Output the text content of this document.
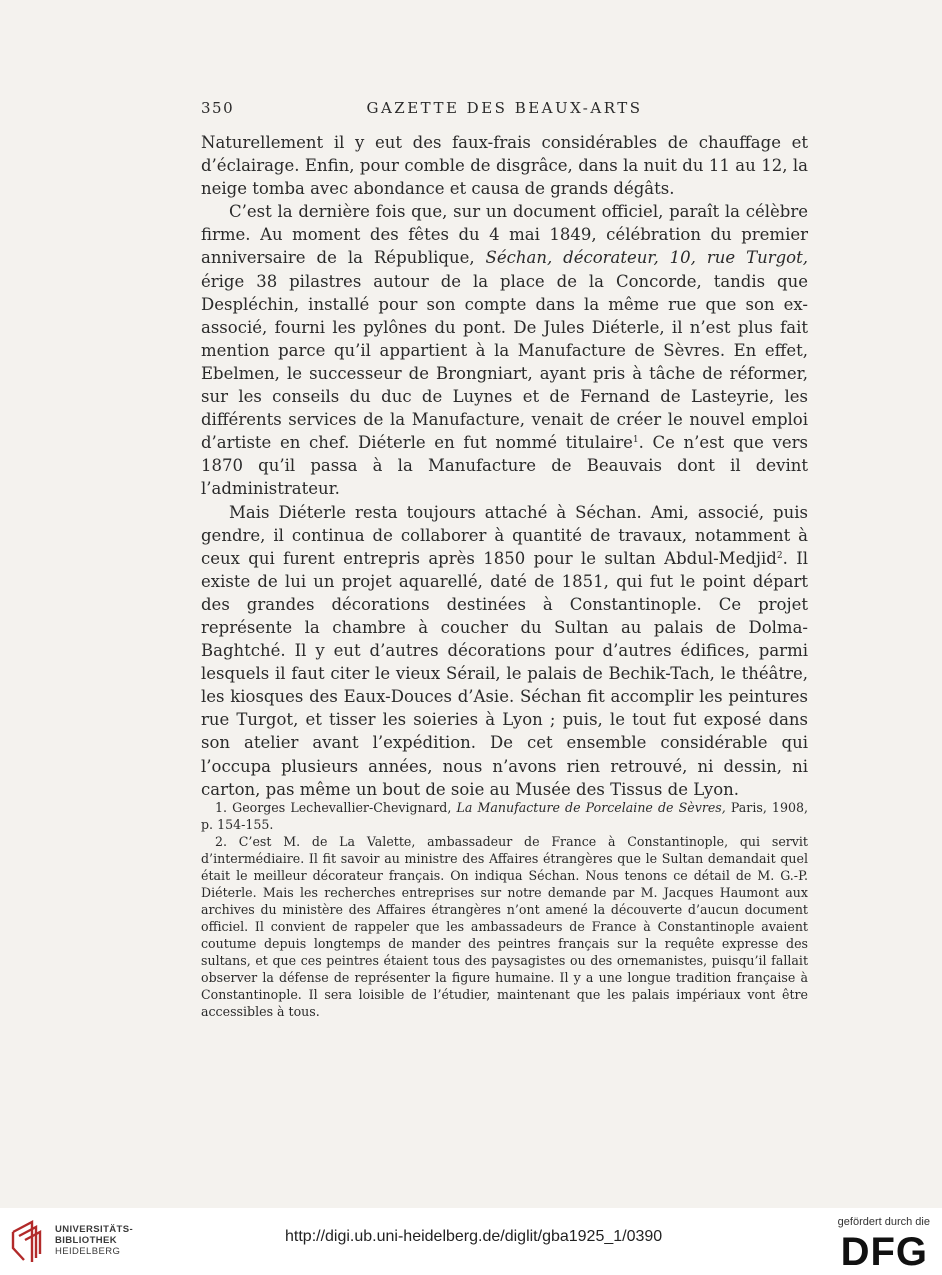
350	GAZETTE DES BEAUX-ARTS

Naturellement il y eut des faux-frais considérables de chauffage et d’éclairage. Enfin, pour comble de disgrâce, dans la nuit du 11 au 12, la neige tomba avec abondance et causa de grands dégâts.

C’est la dernière fois que, sur un document officiel, paraît la célèbre firme. Au moment des fêtes du 4 mai 1849, célébration du premier anniversaire de la République, Séchan, décorateur, 10, rue Turgot, érige 38 pilastres autour de la place de la Concorde, tandis que Despléchin, installé pour son compte dans la même rue que son ex-associé, fourni les pylônes du pont. De Jules Diéterle, il n’est plus fait mention parce qu’il appartient à la Manufacture de Sèvres. En effet, Ebelmen, le successeur de Brongniart, ayant pris à tâche de réformer, sur les conseils du duc de Luynes et de Fernand de Lasteyrie, les différents services de la Manufacture, venait de créer le nouvel emploi d’artiste en chef. Diéterle en fut nommé titulaire$^1$. Ce n’est que vers 1870 qu’il passa à la Manufacture de Beauvais dont il devint l’administrateur.

Mais Diéterle resta toujours attaché à Séchan. Ami, associé, puis gendre, il continua de collaborer à quantité de travaux, notamment à ceux qui furent entrepris après 1850 pour le sultan Abdul-Medjid$^2$. Il existe de lui un projet aquarellé, daté de 1851, qui fut le point départ des grandes décorations destinées à Constantinople. Ce projet représente la chambre à coucher du Sultan au palais de Dolma-Baghtché. Il y eut d’autres décorations pour d’autres édifices, parmi lesquels il faut citer le vieux Sérail, le palais de Bechik-Tach, le théâtre, les kiosques des Eaux-Douces d’Asie. Séchan fit accomplir les peintures rue Turgot, et tisser les soieries à Lyon ; puis, le tout fut exposé dans son atelier avant l’expédition. De cet ensemble considérable qui l’occupa plusieurs années, nous n’avons rien retrouvé, ni dessin, ni carton, pas même un bout de soie au Musée des Tissus de Lyon.

1. Georges Lechevallier-Chevignard, La Manufacture de Porcelaine de Sèvres, Paris, 1908, p. 154-155.

2. C’est M. de La Valette, ambassadeur de France à Constantinople, qui servit d’intermédiaire. Il fit savoir au ministre des Affaires étrangères que le Sultan demandait quel était le meilleur décorateur français. On indiqua Séchan. Nous tenons ce détail de M. G.-P. Diéterle. Mais les recherches entreprises sur notre demande par M. Jacques Haumont aux archives du ministère des Affaires étrangères n’ont amené la découverte d’aucun document officiel. Il convient de rappeler que les ambassadeurs de France à Constantinople avaient coutume depuis longtemps de mander des peintres français sur la requête expresse des sultans, et que ces peintres étaient tous des paysagistes ou des ornemanistes, puisqu’il fallait observer la défense de représenter la figure humaine. Il y a une longue tradition française à Constantinople. Il sera loisible de l’étudier, maintenant que les palais impériaux vont être accessibles à tous.

UNIVERSITÄTS-
BIBLIOTHEK
HEIDELBERG
http://digi.ub.uni-heidelberg.de/diglit/gba1925_1/0390
gefördert durch die
DFG
